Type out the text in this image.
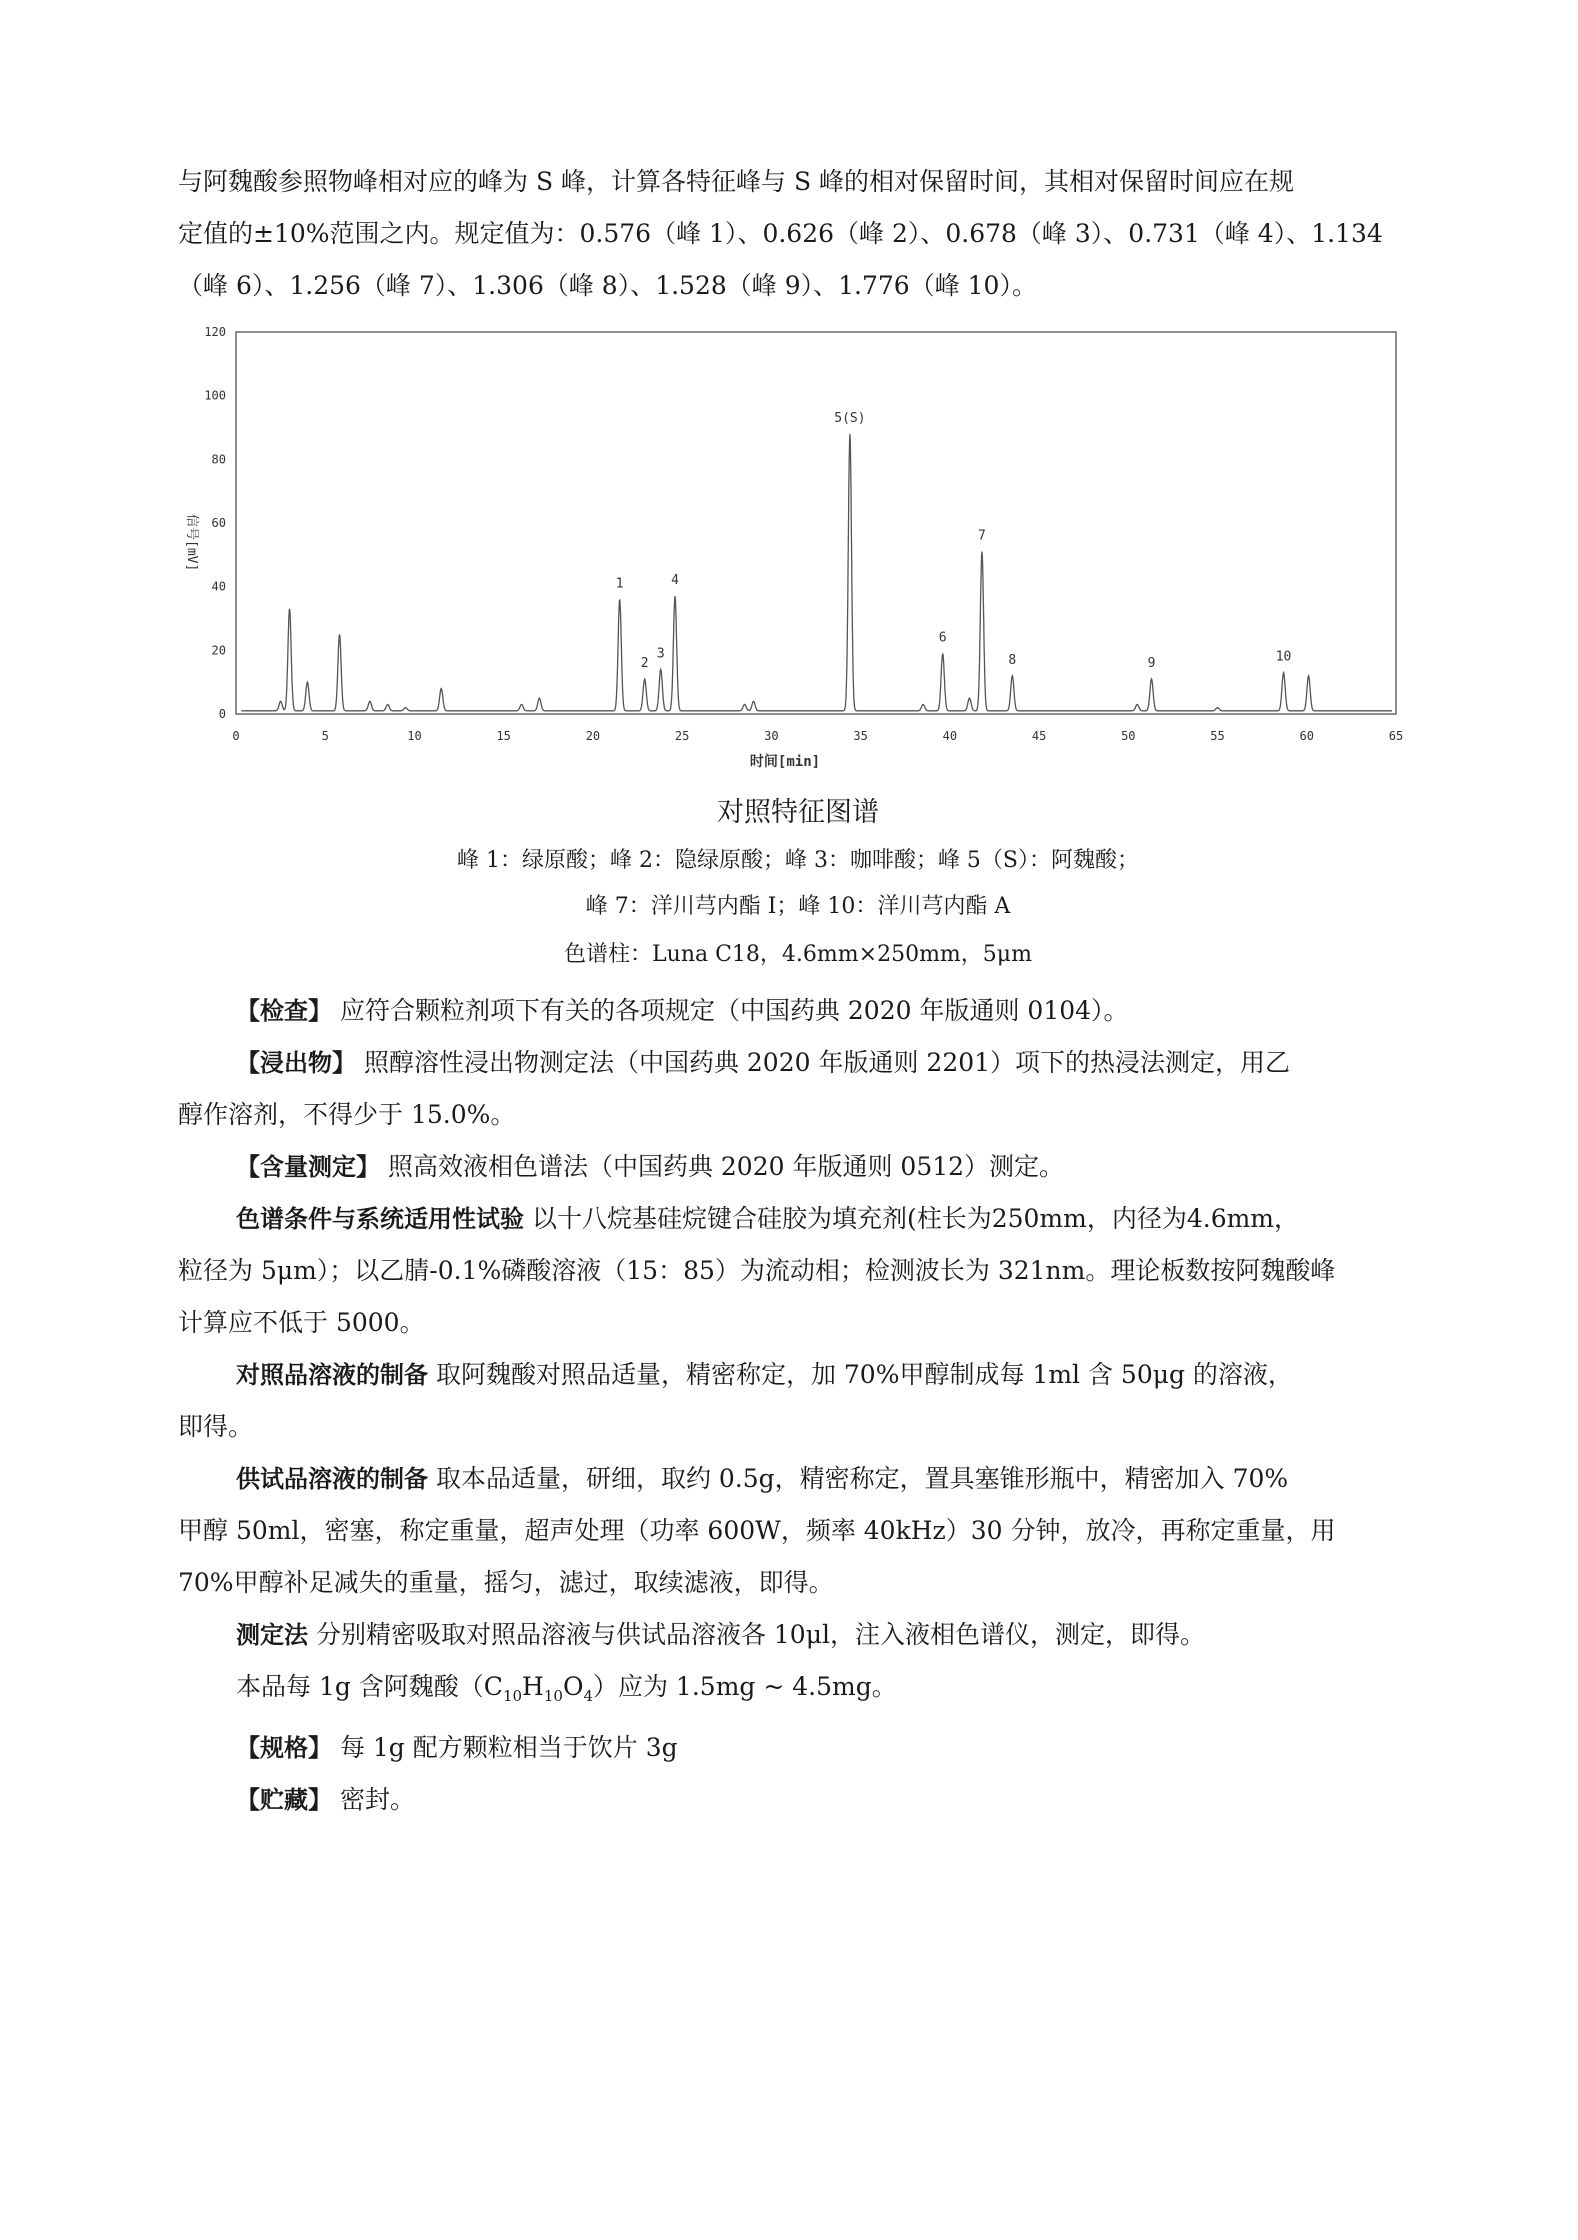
与阿魏酸参照物峰相对应的峰为 S 峰，计算各特征峰与 S 峰的相对保留时间，其相对保留时间应在规

定值的±10%范围之内。规定值为：0.576（峰 1）、0.626（峰 2）、0.678（峰 3）、0.731（峰 4）、1.134

（峰 6）、1.256（峰 7）、1.306（峰 8）、1.528（峰 9）、1.776（峰 10）。

0
20
40
60
80
100
120
0	5	10	15	20	25	30	35	40	45	50	55	60	65
1
2
3
4
5(S)
6
7
8	9	10
信号[mV]
时间[min]
对照特征图谱
峰 1：绿原酸；峰 2：隐绿原酸；峰 3：咖啡酸；峰 5（S）：阿魏酸；
峰 7：洋川芎内酯 I；峰 10：洋川芎内酯 A
色谱柱：Luna C18，4.6mm×250mm，5μm

【检查】 应符合颗粒剂项下有关的各项规定（中国药典 2020 年版通则 0104）。

【浸出物】 照醇溶性浸出物测定法（中国药典 2020 年版通则 2201）项下的热浸法测定，用乙

醇作溶剂，不得少于 15.0%。

【含量测定】 照高效液相色谱法（中国药典 2020 年版通则 0512）测定。

色谱条件与系统适用性试验 以十八烷基硅烷键合硅胶为填充剂(柱长为250mm，内径为4.6mm，

粒径为 5μm）；以乙腈-0.1%磷酸溶液（15：85）为流动相；检测波长为 321nm。理论板数按阿魏酸峰

计算应不低于 5000。

对照品溶液的制备 取阿魏酸对照品适量，精密称定，加 70%甲醇制成每 1ml 含 50μg 的溶液，

即得。

供试品溶液的制备 取本品适量，研细，取约 0.5g，精密称定，置具塞锥形瓶中，精密加入 70%

甲醇 50ml，密塞，称定重量，超声处理（功率 600W，频率 40kHz）30 分钟，放冷，再称定重量，用

70%甲醇补足减失的重量，摇匀，滤过，取续滤液，即得。

测定法 分别精密吸取对照品溶液与供试品溶液各 10μl，注入液相色谱仪，测定，即得。

本品每 1g 含阿魏酸$(C_{10}H_{10}O_4)$应为 1.5mg ~ 4.5mg。

【规格】 每 1g 配方颗粒相当于饮片 3g

【贮藏】 密封。
